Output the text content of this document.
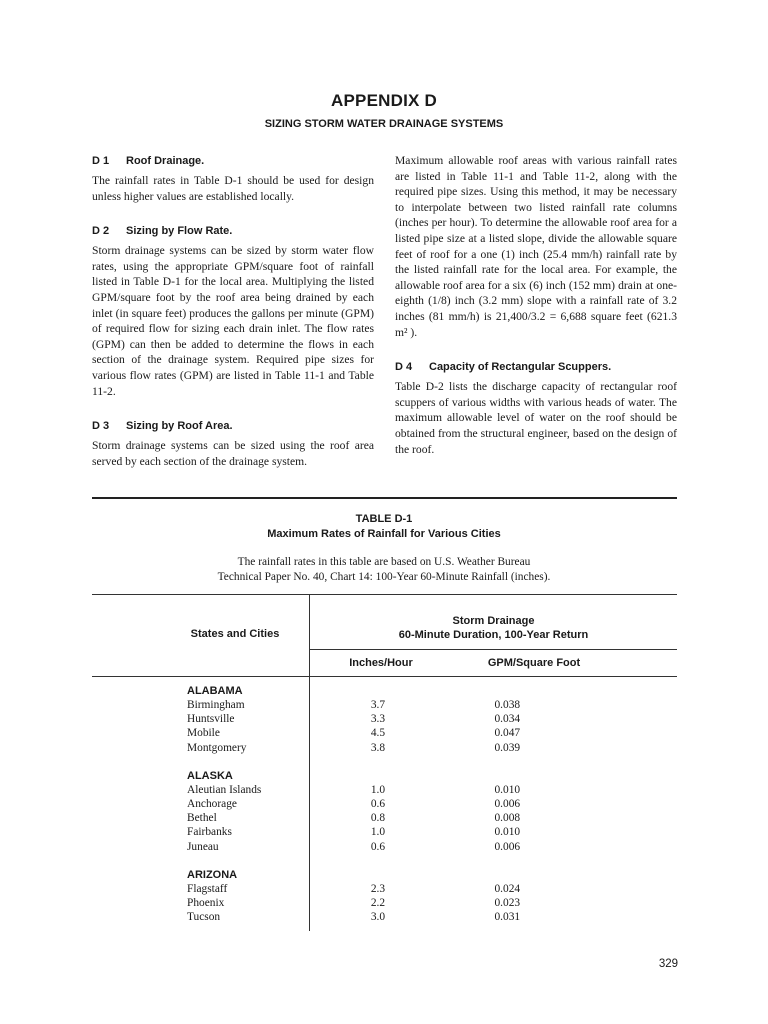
APPENDIX D
SIZING STORM WATER DRAINAGE SYSTEMS
D 1 Roof Drainage.

The rainfall rates in Table D-1 should be used for design unless higher values are established locally.

D 2 Sizing by Flow Rate.

Storm drainage systems can be sized by storm water flow rates, using the appropriate GPM/square foot of rainfall listed in Table D-1 for the local area. Multiplying the listed GPM/square foot by the roof area being drained by each inlet (in square feet) produces the gallons per minute (GPM) of required flow for sizing each drain inlet. The flow rates (GPM) can then be added to determine the flows in each section of the drainage system. Required pipe sizes for various flow rates (GPM) are listed in Table 11-1 and Table 11-2.

D 3 Sizing by Roof Area.

Storm drainage systems can be sized using the roof area served by each section of the drainage system.

Maximum allowable roof areas with various rainfall rates are listed in Table 11-1 and Table 11-2, along with the required pipe sizes. Using this method, it may be necessary to interpolate between two listed rainfall rate columns (inches per hour). To determine the allowable roof area for a listed pipe size at a listed slope, divide the allowable square feet of roof for a one (1) inch (25.4 mm/h) rainfall rate by the listed rainfall rate for the local area. For example, the allowable roof area for a six (6) inch (152 mm) drain at one-eighth (1/8) inch (3.2 mm) slope with a rainfall rate of 3.2 inches (81 mm/h) is 21,400/3.2 = 6,688 square feet (621.3 m² ).

D 4 Capacity of Rectangular Scuppers.

Table D-2 lists the discharge capacity of rectangular roof scuppers of various widths with various heads of water. The maximum allowable level of water on the roof should be obtained from the structural engineer, based on the design of the roof.

TABLE D-1
Maximum Rates of Rainfall for Various Cities
The rainfall rates in this table are based on U.S. Weather Bureau
Technical Paper No. 40, Chart 14: 100-Year 60-Minute Rainfall (inches).
States and Cities
Storm Drainage
60-Minute Duration, 100-Year Return
Inches/Hour	GPM/Square Foot

ALABAMA

Birmingham	3.7	0.038
Huntsville	3.3	0.034
Mobile	4.5	0.047
Montgomery	3.8	0.039

ALASKA

Aleutian Islands	1.0	0.010
Anchorage	0.6	0.006
Bethel	0.8	0.008
Fairbanks	1.0	0.010
Juneau	0.6	0.006

ARIZONA

Flagstaff	2.3	0.024
Phoenix	2.2	0.023
Tucson	3.0	0.031
329
